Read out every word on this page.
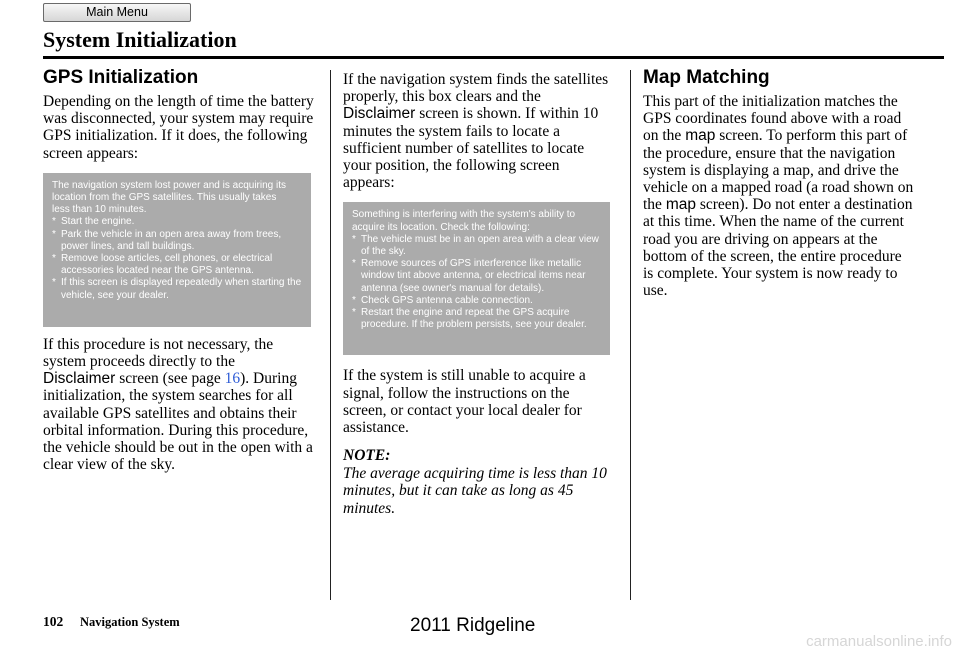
Main Menu
System Initialization
GPS Initialization

Depending on the length of time the battery was disconnected, your system may require GPS initialization. If it does, the following screen appears:

The navigation system lost power and is acquiring its
location from the GPS satellites. This usually takes
less than 10 minutes.
* Start the engine.
* Park the vehicle in an open area away from trees, power lines, and tall buildings.
* Remove loose articles, cell phones, or electrical accessories located near the GPS antenna.
* If this screen is displayed repeatedly when starting the vehicle, see your dealer.

If this procedure is not necessary, the system proceeds directly to the
Disclaimer screen (see page 16). During initialization, the system searches for all available GPS satellites and obtains their orbital information. During this procedure, the vehicle should be out in the open with a clear view of the sky.

If the navigation system finds the satellites properly, this box clears and the Disclaimer screen is shown. If within 10 minutes the system fails to locate a sufficient number of satellites to locate your position, the following screen appears:

Something is interfering with the system's ability to
acquire its location. Check the following:
* The vehicle must be in an open area with a clear view of the sky.
* Remove sources of GPS interference like metallic window tint above antenna, or electrical items near antenna (see owner's manual for details).
* Check GPS antenna cable connection.
* Restart the engine and repeat the GPS acquire procedure. If the problem persists, see your dealer.

If the system is still unable to acquire a signal, follow the instructions on the screen, or contact your local dealer for assistance.

NOTE:

The average acquiring time is less than 10 minutes, but it can take as long as 45 minutes.

Map Matching

This part of the initialization matches the GPS coordinates found above with a road on the map screen. To perform this part of the procedure, ensure that the navigation system is displaying a map, and drive the vehicle on a mapped road (a road shown on the map screen). Do not enter a destination at this time. When the name of the current road you are driving on appears at the bottom of the screen, the entire procedure is complete. Your system is now ready to use.

102 Navigation System	2011 Ridgeline
carmanualsonline.info
